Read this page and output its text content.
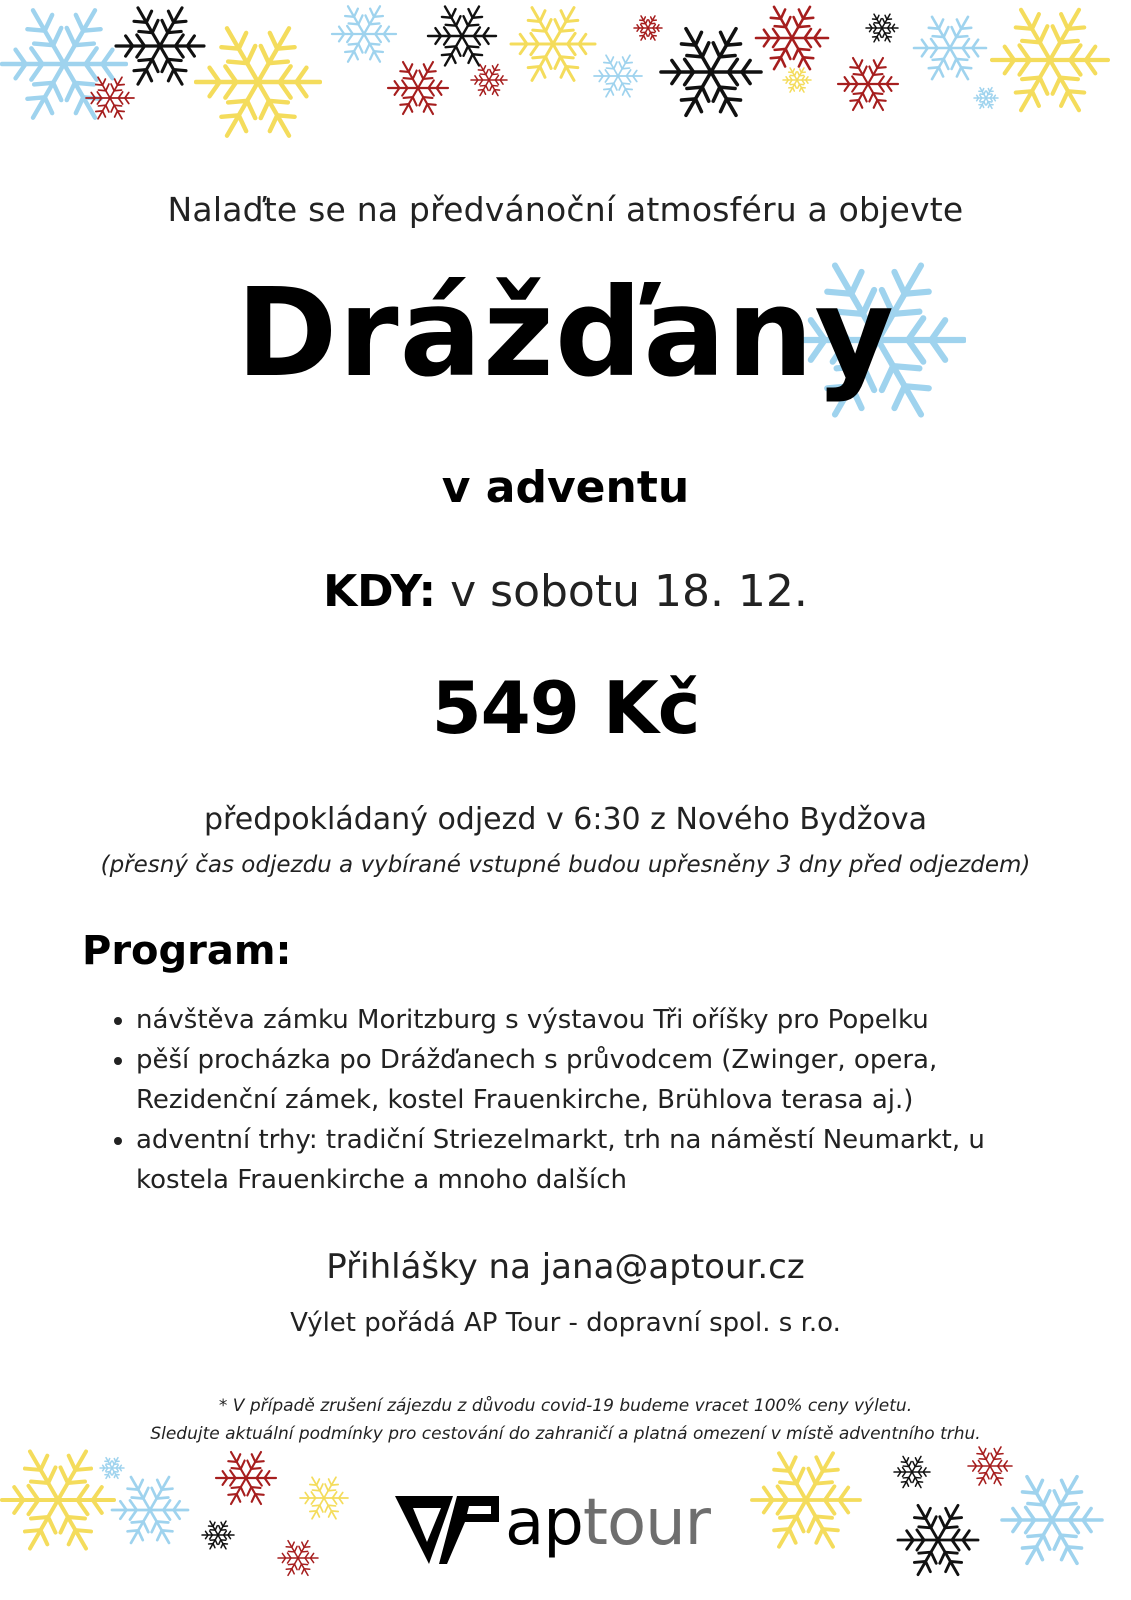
Nalaďte se na předvánoční atmosféru a objevte
Drážďany
v adventu
KDY: v sobotu 18. 12.
549 Kč
předpokládaný odjezd v 6:30 z Nového Bydžova
(přesný čas odjezdu a vybírané vstupné budou upřesněny 3 dny před odjezdem)
Program:
• návštěva zámku Moritzburg s výstavou Tři oříšky pro Popelku
• pěší procházka po Drážďanech s průvodcem (Zwinger, opera, Rezidenční zámek, kostel Frauenkirche, Brühlova terasa aj.)
• adventní trhy: tradiční Striezelmarkt, trh na náměstí Neumarkt, u kostela Frauenkirche a mnoho dalších
Přihlášky na jana@aptour.cz
Výlet pořádá AP Tour - dopravní spol. s r.o.
* V případě zrušení zájezdu z důvodu covid-19 budeme vracet 100% ceny výletu.
Sledujte aktuální podmínky pro cestování do zahraničí a platná omezení v místě adventního trhu.
aptour
